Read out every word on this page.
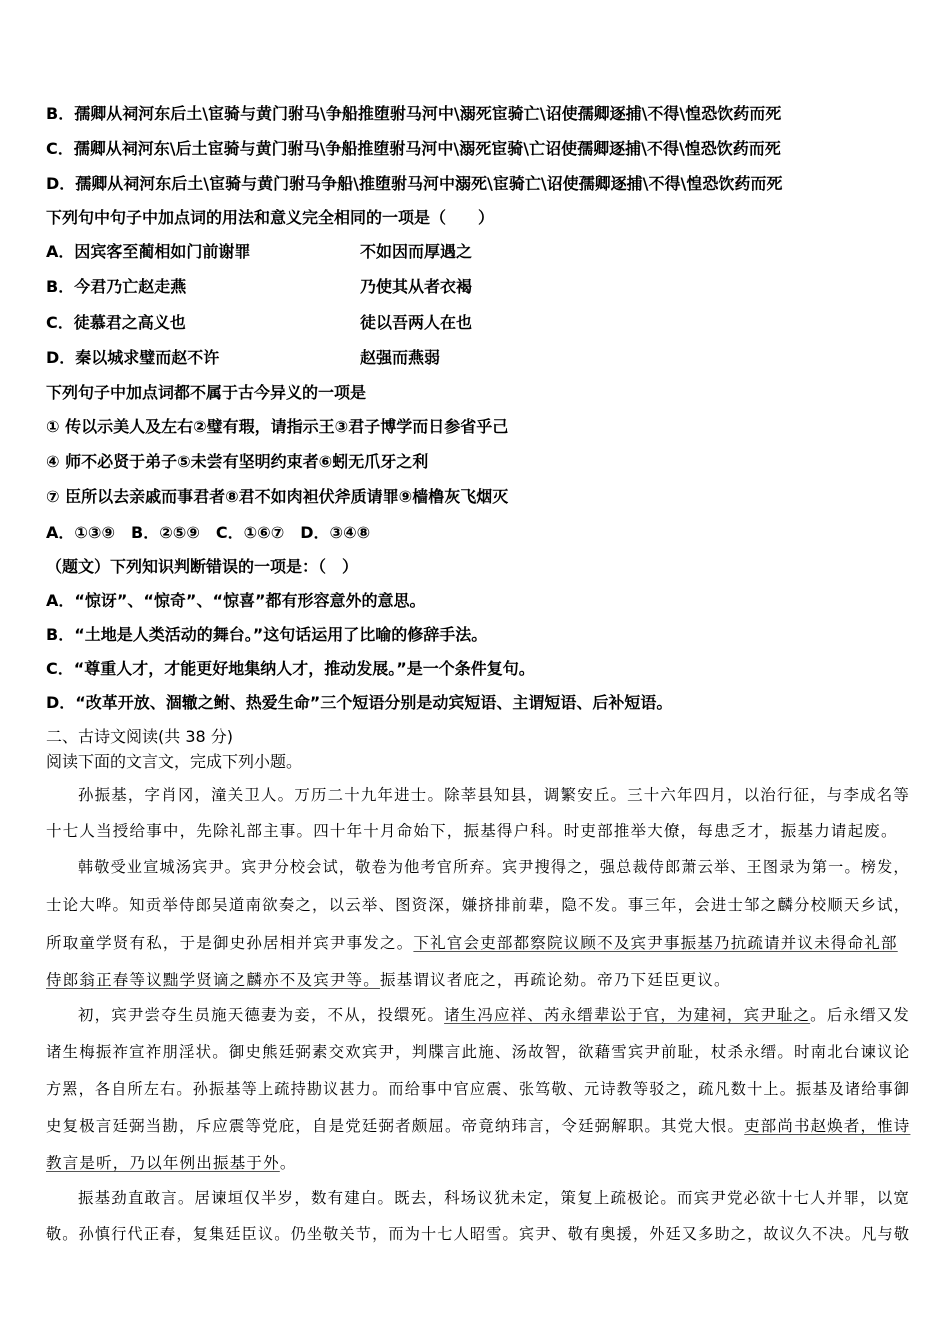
B．孺卿从祠河东后土\宦骑与黄门驸马\争船推堕驸马河中\溺死宦骑亡\诏使孺卿逐捕\不得\惶恐饮药而死
C．孺卿从祠河东\后土宦骑与黄门驸马\争船推堕驸马河中\溺死宦骑\亡诏使孺卿逐捕\不得\惶恐饮药而死
D．孺卿从祠河东后土\宦骑与黄门驸马争船\推堕驸马河中溺死\宦骑亡\诏使孺卿逐捕\不得\惶恐饮药而死
下列句中句子中加点词的用法和意义完全相同的一项是（　　）
A．因宾客至蔺相如门前谢罪	不如因而厚遇之
B．今君乃亡赵走燕	乃使其从者衣褐
C．徒慕君之高义也	徒以吾两人在也
D．秦以城求璧而赵不许	赵强而燕弱
下列句子中加点词都不属于古今异义的一项是
① 传以示美人及左右②璧有瑕，请指示王③君子博学而日参省乎己
④ 师不必贤于弟子⑤未尝有坚明约束者⑥蚓无爪牙之利
⑦ 臣所以去亲戚而事君者⑧君不如肉袒伏斧质请罪⑨樯橹灰飞烟灭
A．①③⑨　B．②⑤⑨　C．①⑥⑦　D．③④⑧
（题文）下列知识判断错误的一项是：（　）
A．“惊讶”、“惊奇”、“惊喜”都有形容意外的意思。
B．“土地是人类活动的舞台。”这句话运用了比喻的修辞手法。
C．“尊重人才，才能更好地集纳人才，推动发展。”是一个条件复句。
D．“改革开放、涸辙之鲋、热爱生命”三个短语分别是动宾短语、主谓短语、后补短语。
二、古诗文阅读(共 38 分)
阅读下面的文言文，完成下列小题。
孙振基，字肖冈，潼关卫人。万历二十九年进士。除莘县知县，调繁安丘。三十六年四月，以治行征，与李成名等
十七人当授给事中，先除礼部主事。四十年十月命始下，振基得户科。时吏部推举大僚，每患乏才，振基力请起废。
韩敬受业宣城汤宾尹。宾尹分校会试，敬卷为他考官所弃。宾尹搜得之，强总裁侍郎萧云举、王图录为第一。榜发，
士论大哗。知贡举侍郎吴道南欲奏之，以云举、图资深，嫌挤排前辈，隐不发。事三年，会进士邹之麟分校顺天乡试，
所取童学贤有私，于是御史孙居相并宾尹事发之。下礼官会吏部都察院议顾不及宾尹事振基乃抗疏请并议未得命礼部
侍郎翁正春等议黜学贤谪之麟亦不及宾尹等。振基谓议者庇之，再疏论劾。帝乃下廷臣更议。
初，宾尹尝夺生员施天德妻为妾，不从，投缳死。诸生冯应祥、芮永缙辈讼于官，为建祠，宾尹耻之。后永缙又发
诸生梅振祚宣祚朋淫状。御史熊廷弼素交欢宾尹，判牒言此施、汤故智，欲藉雪宾尹前耻，杖杀永缙。时南北台谏议论
方罴，各自所左右。孙振基等上疏持勘议甚力。而给事中官应震、张笃敬、元诗教等驳之，疏凡数十上。振基及诸给事御
史复极言廷弼当勘，斥应震等党庇，自是党廷弼者颇屈。帝竟纳玮言，令廷弼解职。其党大恨。吏部尚书赵焕者，惟诗
教言是听，乃以年例出振基于外。
振基劲直敢言。居谏垣仅半岁，数有建白。既去，科场议犹未定，策复上疏极论。而宾尹党必欲十七人并罪，以宽
敬。孙慎行代正春，复集廷臣议。仍坐敬关节，而为十七人昭雪。宾尹、敬有奥援，外廷又多助之，故议久不决。凡与敬
